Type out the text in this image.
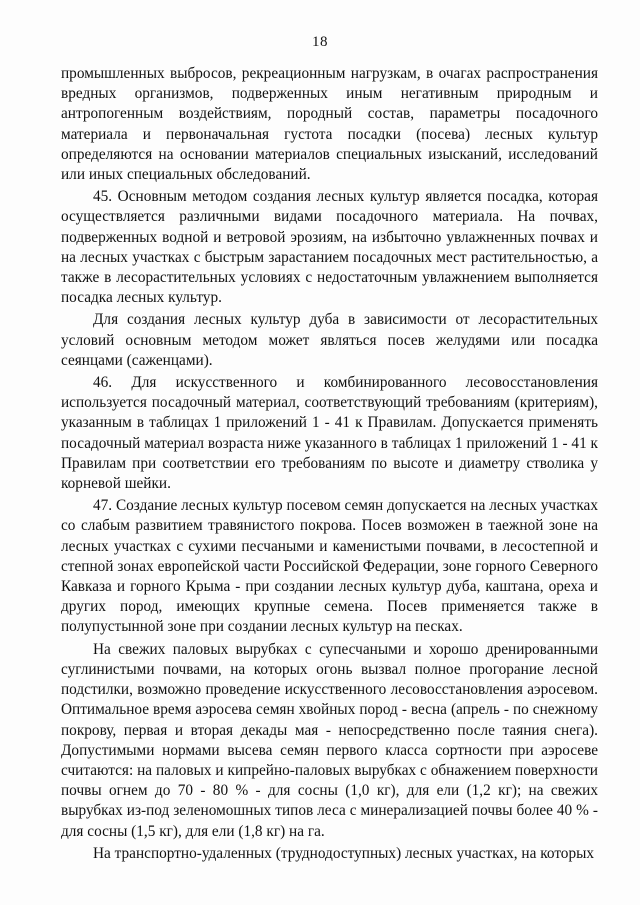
18

промышленных выбросов, рекреационным нагрузкам, в очагах распространения вредных организмов, подверженных иным негативным природным и антропогенным воздействиям, породный состав, параметры посадочного материала и первоначальная густота посадки (посева) лесных культур определяются на основании материалов специальных изысканий, исследований или иных специальных обследований.

45. Основным методом создания лесных культур является посадка, которая осуществляется различными видами посадочного материала. На почвах, подверженных водной и ветровой эрозиям, на избыточно увлажненных почвах и на лесных участках с быстрым зарастанием посадочных мест растительностью, а также в лесорастительных условиях с недостаточным увлажнением выполняется посадка лесных культур.

Для создания лесных культур дуба в зависимости от лесорастительных условий основным методом может являться посев желудями или посадка сеянцами (саженцами).

46. Для искусственного и комбинированного лесовосстановления используется посадочный материал, соответствующий требованиям (критериям), указанным в таблицах 1 приложений 1 - 41 к Правилам. Допускается применять посадочный материал возраста ниже указанного в таблицах 1 приложений 1 - 41 к Правилам при соответствии его требованиям по высоте и диаметру стволика у корневой шейки.

47. Создание лесных культур посевом семян допускается на лесных участках со слабым развитием травянистого покрова. Посев возможен в таежной зоне на лесных участках с сухими песчаными и каменистыми почвами, в лесостепной и степной зонах европейской части Российской Федерации, зоне горного Северного Кавказа и горного Крыма - при создании лесных культур дуба, каштана, ореха и других пород, имеющих крупные семена. Посев применяется также в полупустынной зоне при создании лесных культур на песках.

На свежих паловых вырубках с супесчаными и хорошо дренированными суглинистыми почвами, на которых огонь вызвал полное прогорание лесной подстилки, возможно проведение искусственного лесовосстановления аэросевом. Оптимальное время аэросева семян хвойных пород - весна (апрель - по снежному покрову, первая и вторая декады мая - непосредственно после таяния снега). Допустимыми нормами высева семян первого класса сортности при аэросеве считаются: на паловых и кипрейно-паловых вырубках с обнажением поверхности почвы огнем до 70 - 80 % - для сосны (1,0 кг), для ели (1,2 кг); на свежих вырубках из-под зеленомошных типов леса с минерализацией почвы более 40 % - для сосны (1,5 кг), для ели (1,8 кг) на га.

На транспортно-удаленных (труднодоступных) лесных участках, на которых
